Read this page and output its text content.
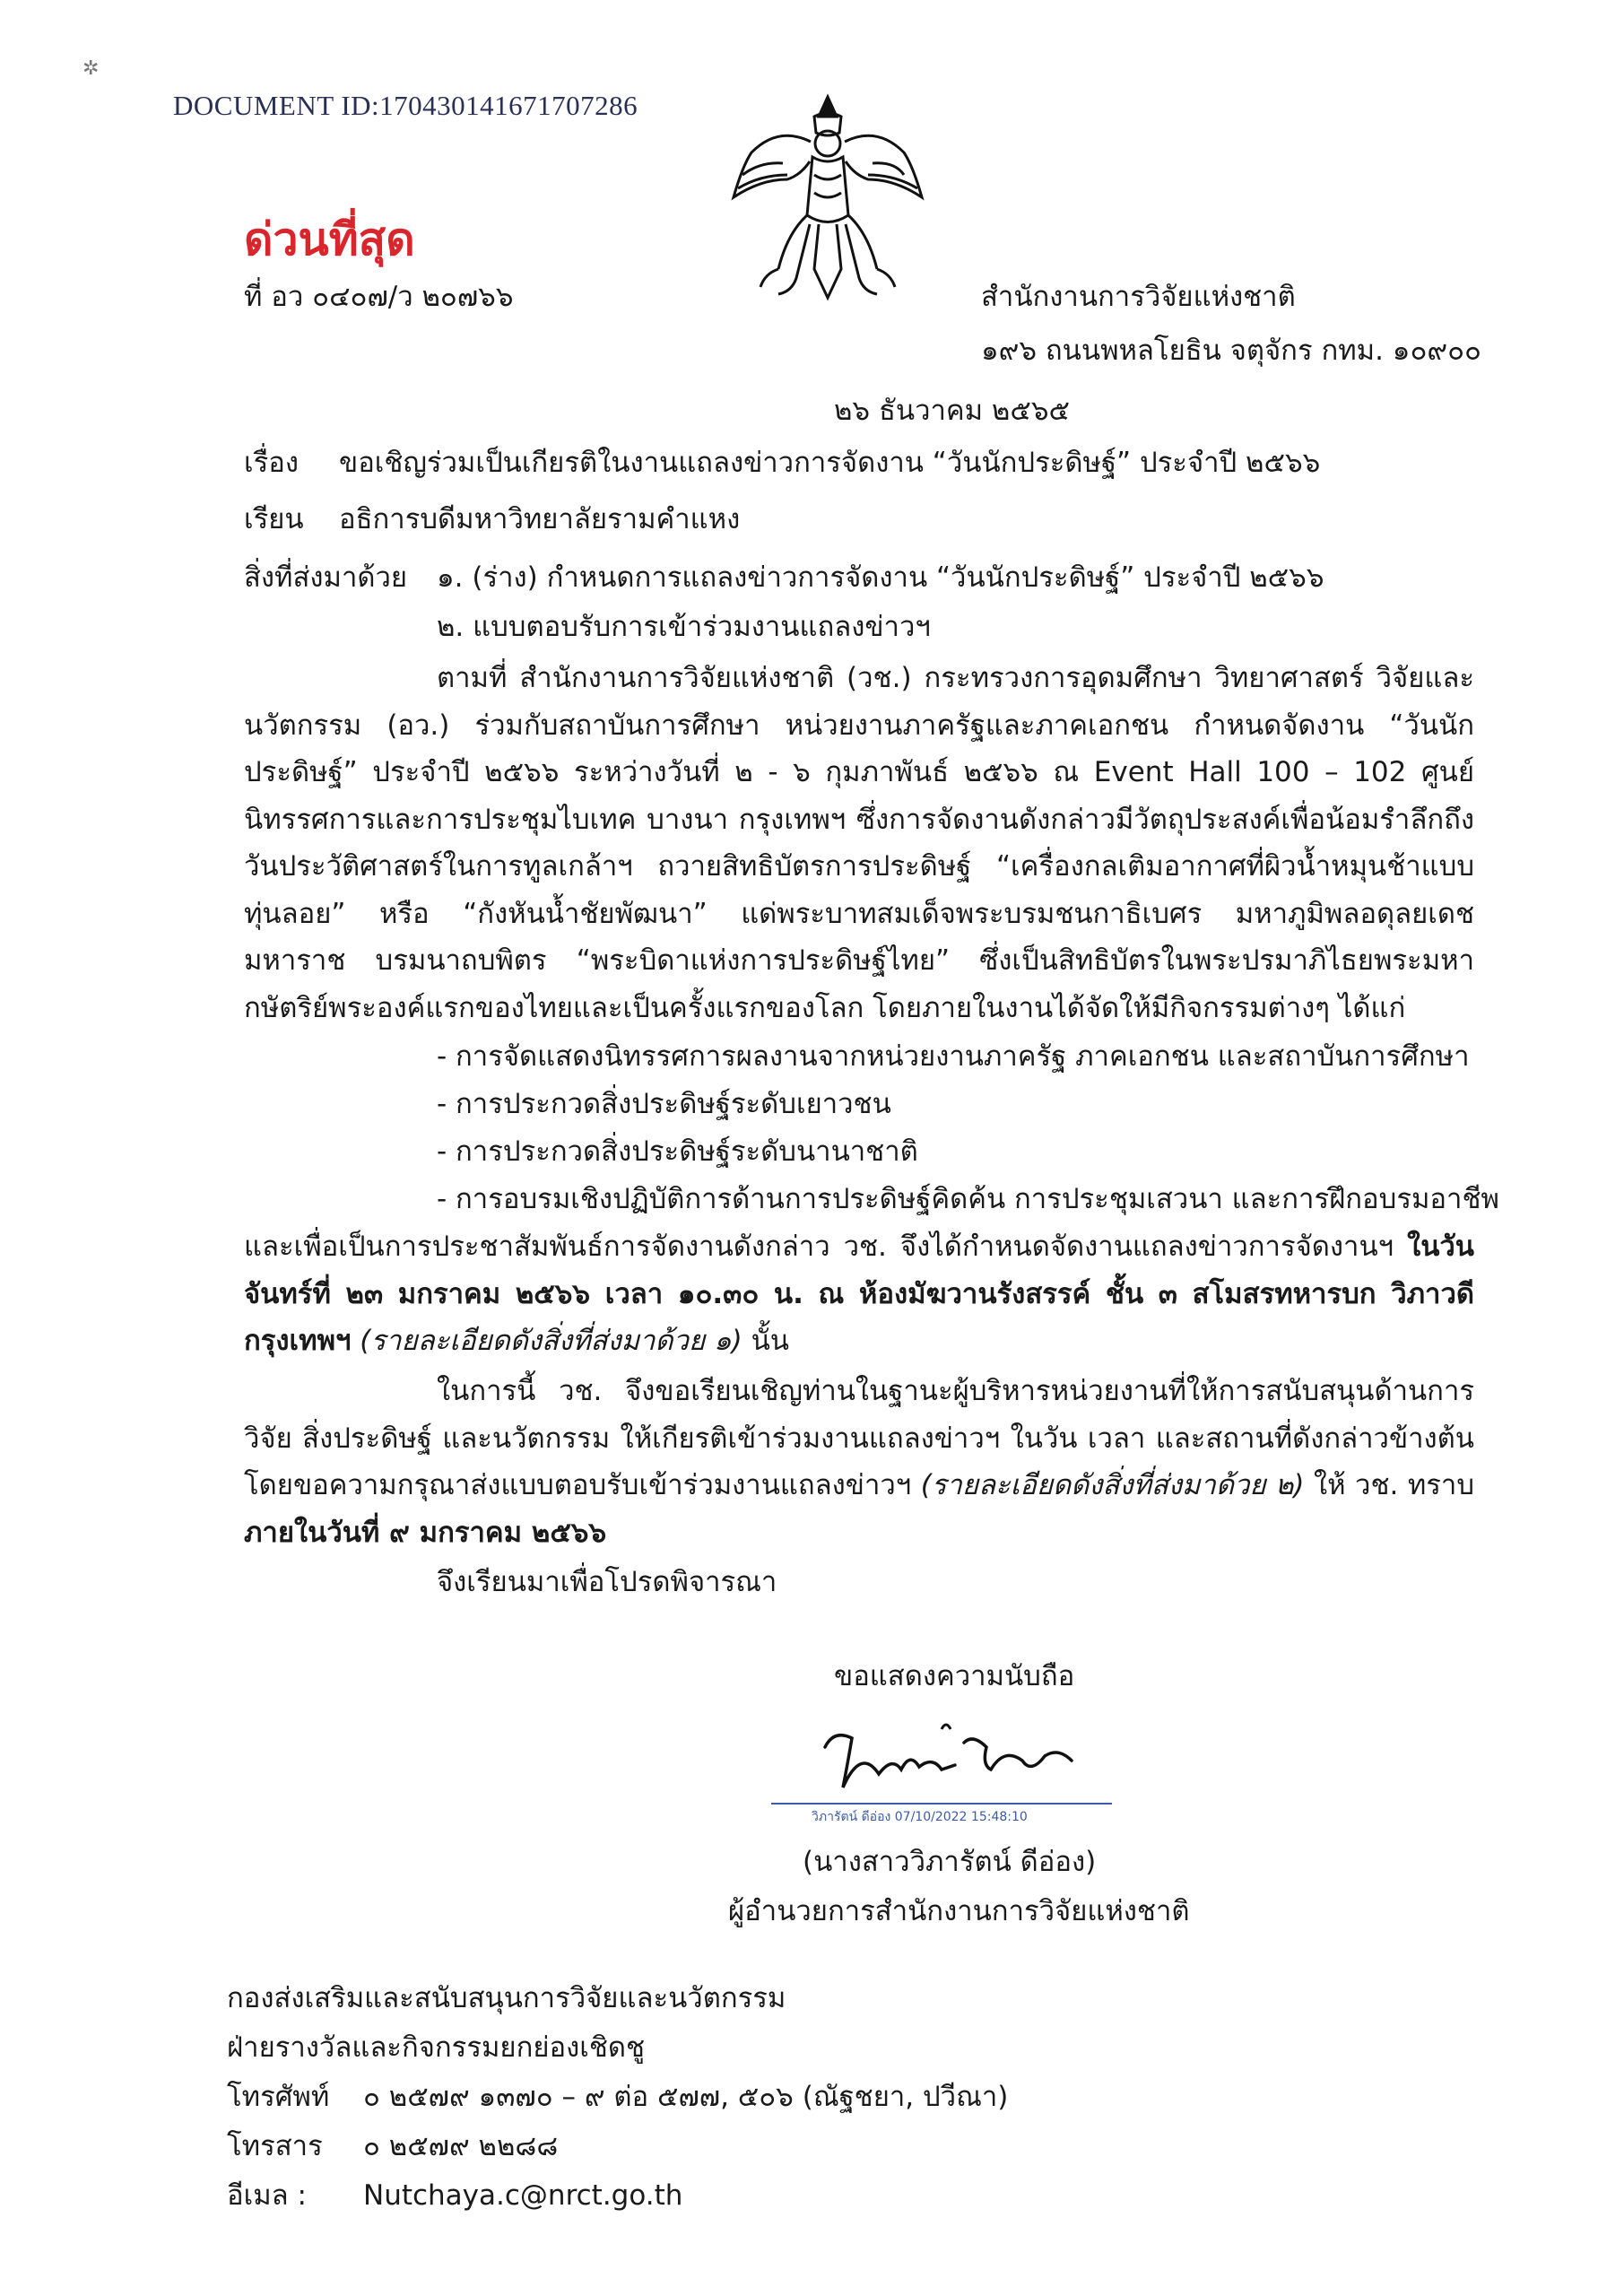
✲
DOCUMENT ID:17043014167170728​6
ด่วนที่สุด
ที่ อว ๐๔๐๗/ว ๒๐๗๖๖	สำนักงานการวิจัยแห่งชาติ
๑๙๖ ถนนพหลโยธิน จตุจักร กทม. ๑๐๙๐๐
๒๖ ธันวาคม ๒๕๖๕
เรื่อง ขอเชิญร่วมเป็นเกียรติในงานแถลงข่าวการจัดงาน “วันนักประดิษฐ์” ประจำปี ๒๕๖๖
เรียน อธิการบดีมหาวิทยาลัยรามคำแหง
สิ่งที่ส่งมาด้วย ๑. (ร่าง) กำหนดการแถลงข่าวการจัดงาน “วันนักประดิษฐ์” ประจำปี ๒๕๖๖
๒. แบบตอบรับการเข้าร่วมงานแถลงข่าวฯ
ตามที่ สำนักงานการวิจัยแห่งชาติ (วช.) กระทรวงการอุดมศึกษา วิทยาศาสตร์ วิจัยและนวัตกรรม (อว.) ร่วมกับสถาบันการศึกษา หน่วยงานภาครัฐและภาคเอกชน กำหนดจัดงาน “วันนักประดิษฐ์” ประจำปี ๒๕๖๖ ระหว่างวันที่ ๒ - ๖ กุมภาพันธ์ ๒๕๖๖ ณ Event Hall 100 – 102 ศูนย์นิทรรศการและการประชุมไบเทค บางนา กรุงเทพฯ ซึ่งการจัดงานดังกล่าวมีวัตถุประสงค์เพื่อน้อมรำลึกถึงวันประวัติศาสตร์ในการทูลเกล้าฯ ถวายสิทธิบัตรการประดิษฐ์ “เครื่องกลเติมอากาศที่ผิวน้ำหมุนช้าแบบทุ่นลอย” หรือ “กังหันน้ำชัยพัฒนา” แด่พระบาทสมเด็จพระบรมชนกาธิเบศร มหาภูมิพลอดุลยเดชมหาราช บรมนาถบพิตร “พระบิดาแห่งการประดิษฐ์ไทย” ซึ่งเป็นสิทธิบัตรในพระปรมาภิไธยพระมหากษัตริย์พระองค์แรกของไทยและเป็นครั้งแรกของโลก โดยภายในงานได้จัดให้มีกิจกรรมต่างๆ ได้แก่
- การจัดแสดงนิทรรศการผลงานจากหน่วยงานภาครัฐ ภาคเอกชน และสถาบันการศึกษา
- การประกวดสิ่งประดิษฐ์ระดับเยาวชน
- การประกวดสิ่งประดิษฐ์ระดับนานาชาติ
- การอบรมเชิงปฏิบัติการด้านการประดิษฐ์คิดค้น การประชุมเสวนา และการฝึกอบรมอาชีพ
และเพื่อเป็นการประชาสัมพันธ์การจัดงานดังกล่าว วช. จึงได้กำหนดจัดงานแถลงข่าวการจัดงานฯ ในวันจันทร์ที่ ๒๓ มกราคม ๒๕๖๖ เวลา ๑๐.๓๐ น. ณ ห้องมัฆวานรังสรรค์ ชั้น ๓ สโมสรทหารบก วิภาวดี กรุงเทพฯ (รายละเอียดดังสิ่งที่ส่งมาด้วย ๑) นั้น
ในการนี้ วช. จึงขอเรียนเชิญท่านในฐานะผู้บริหารหน่วยงานที่ให้การสนับสนุนด้านการวิจัย สิ่งประดิษฐ์ และนวัตกรรม ให้เกียรติเข้าร่วมงานแถลงข่าวฯ ในวัน เวลา และสถานที่ดังกล่าวข้างต้น โดยขอความกรุณาส่งแบบตอบรับเข้าร่วมงานแถลงข่าวฯ (รายละเอียดดังสิ่งที่ส่งมาด้วย ๒) ให้ วช. ทราบ ภายในวันที่ ๙ มกราคม ๒๕๖๖
จึงเรียนมาเพื่อโปรดพิจารณา
ขอแสดงความนับถือ
วิภารัตน์ ดีอ่อง 07/10/2022 15:48:10
(นางสาววิภารัตน์ ดีอ่อง)
ผู้อำนวยการสำนักงานการวิจัยแห่งชาติ
กองส่งเสริมและสนับสนุนการวิจัยและนวัตกรรม
ฝ่ายรางวัลและกิจกรรมยกย่องเชิดชู
โทรศัพท์ ๐ ๒๕๗๙ ๑๓๗๐ – ๙ ต่อ ๕๗๗, ๕๐๖ (ณัฐชยา, ปวีณา)
โทรสาร ๐ ๒๕๗๙ ๒๒๘๘
อีเมล : Nutchaya.c@nrct.go.th
